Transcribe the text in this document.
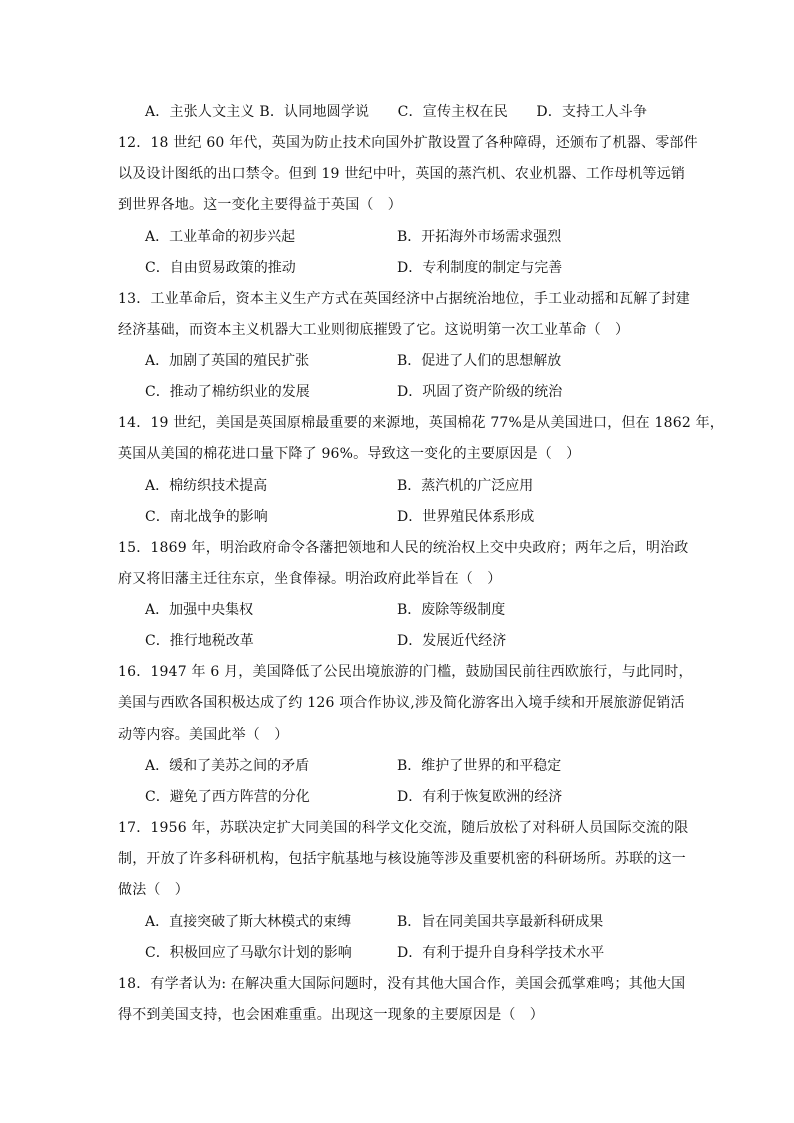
A．主张人文主义 B．认同地圆学说　　C．宣传主权在民　　D．支持工人斗争
12．18 世纪 60 年代，英国为防止技术向国外扩散设置了各种障碍，还颁布了机器、零部件
以及设计图纸的出口禁令。但到 19 世纪中叶，英国的蒸汽机、农业机器、工作母机等远销
到世界各地。这一变化主要得益于英国（　）
A．工业革命的初步兴起	B．开拓海外市场需求强烈
C．自由贸易政策的推动	D．专利制度的制定与完善
13．工业革命后，资本主义生产方式在英国经济中占据统治地位，手工业动摇和瓦解了封建
经济基础，而资本主义机器大工业则彻底摧毁了它。这说明第一次工业革命（　）
A．加剧了英国的殖民扩张	B．促进了人们的思想解放
C．推动了棉纺织业的发展	D．巩固了资产阶级的统治
14．19 世纪，美国是英国原棉最重要的来源地，英国棉花 77%是从美国进口，但在 1862 年，
英国从美国的棉花进口量下降了 96%。导致这一变化的主要原因是（　）
A．棉纺织技术提高	B．蒸汽机的广泛应用
C．南北战争的影响	D．世界殖民体系形成
15．1869 年，明治政府命令各藩把领地和人民的统治权上交中央政府；两年之后，明治政
府又将旧藩主迁往东京，坐食俸禄。明治政府此举旨在（　）
A．加强中央集权	B．废除等级制度
C．推行地税改革	D．发展近代经济
16．1947 年 6 月，美国降低了公民出境旅游的门槛，鼓励国民前往西欧旅行，与此同时，
美国与西欧各国积极达成了约 126 项合作协议,涉及简化游客出入境手续和开展旅游促销活
动等内容。美国此举（　）
A．缓和了美苏之间的矛盾	B．维护了世界的和平稳定
C．避免了西方阵营的分化	D．有利于恢复欧洲的经济
17．1956 年，苏联决定扩大同美国的科学文化交流，随后放松了对科研人员国际交流的限
制，开放了许多科研机构，包括宇航基地与核设施等涉及重要机密的科研场所。苏联的这一
做法（　）
A．直接突破了斯大林模式的束缚	B．旨在同美国共享最新科研成果
C．积极回应了马歇尔计划的影响	D．有利于提升自身科学技术水平
18．有学者认为: 在解决重大国际问题时，没有其他大国合作，美国会孤掌难鸣；其他大国
得不到美国支持，也会困难重重。出现这一现象的主要原因是（　）
